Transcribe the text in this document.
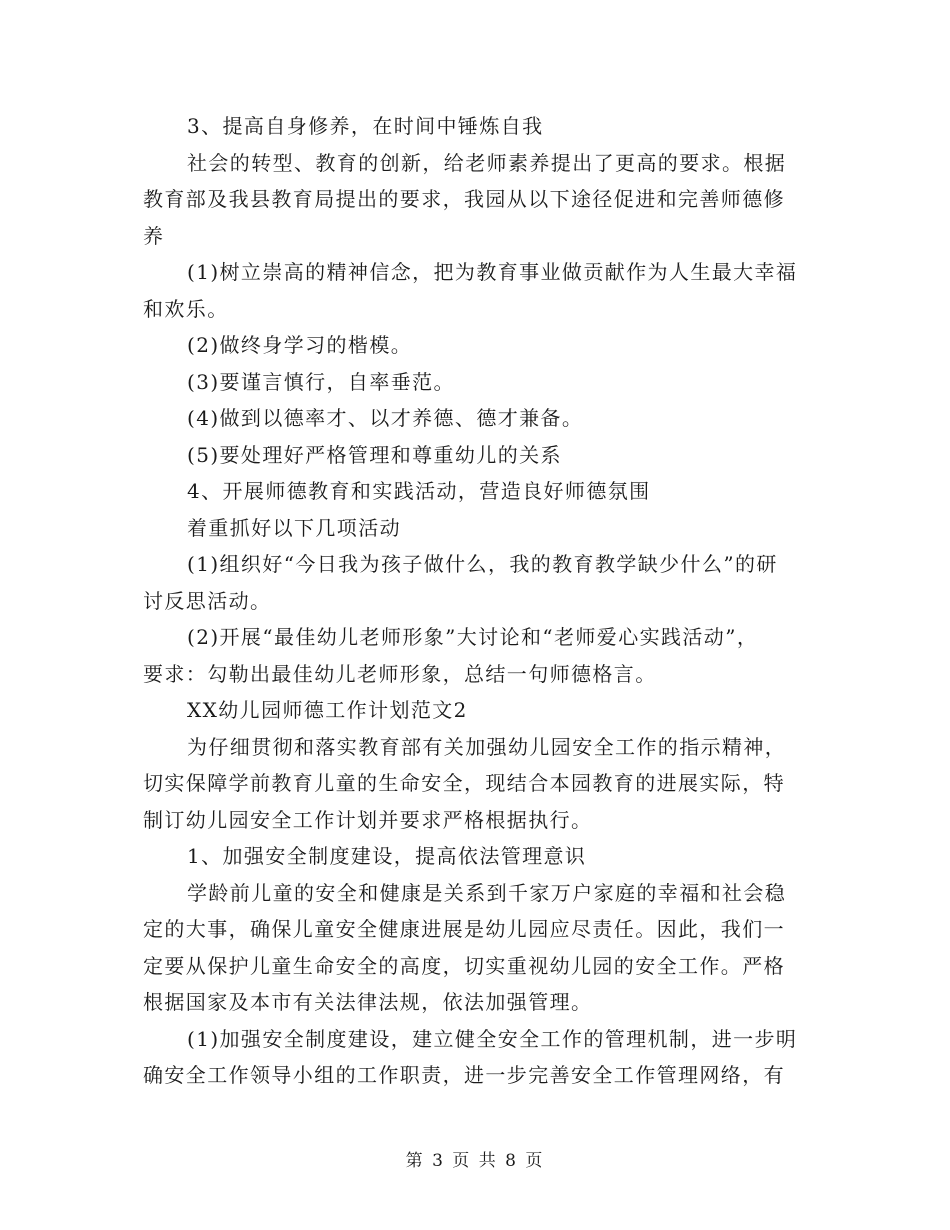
3、提高自身修养，在时间中锤炼自我
社会的转型、教育的创新，给老师素养提出了更高的要求。根据
教育部及我县教育局提出的要求，我园从以下途径促进和完善师德修
养
(1)树立崇高的精神信念，把为教育事业做贡献作为人生最大幸福
和欢乐。
(2)做终身学习的楷模。
(3)要谨言慎行，自率垂范。
(4)做到以德率才、以才养德、德才兼备。
(5)要处理好严格管理和尊重幼儿的关系
4、开展师德教育和实践活动，营造良好师德氛围
着重抓好以下几项活动
(1)组织好“今日我为孩子做什么，我的教育教学缺少什么”的研
讨反思活动。
(2)开展“最佳幼儿老师形象”大讨论和“老师爱心实践活动”，
要求：勾勒出最佳幼儿老师形象，总结一句师德格言。
XX幼儿园师德工作计划范文2
为仔细贯彻和落实教育部有关加强幼儿园安全工作的指示精神，
切实保障学前教育儿童的生命安全，现结合本园教育的进展实际，特
制订幼儿园安全工作计划并要求严格根据执行。
1、加强安全制度建设，提高依法管理意识
学龄前儿童的安全和健康是关系到千家万户家庭的幸福和社会稳
定的大事，确保儿童安全健康进展是幼儿园应尽责任。因此，我们一
定要从保护儿童生命安全的高度，切实重视幼儿园的安全工作。严格
根据国家及本市有关法律法规，依法加强管理。
(1)加强安全制度建设，建立健全安全工作的管理机制，进一步明
确安全工作领导小组的工作职责，进一步完善安全工作管理网络，有
第 3 页 共 8 页
